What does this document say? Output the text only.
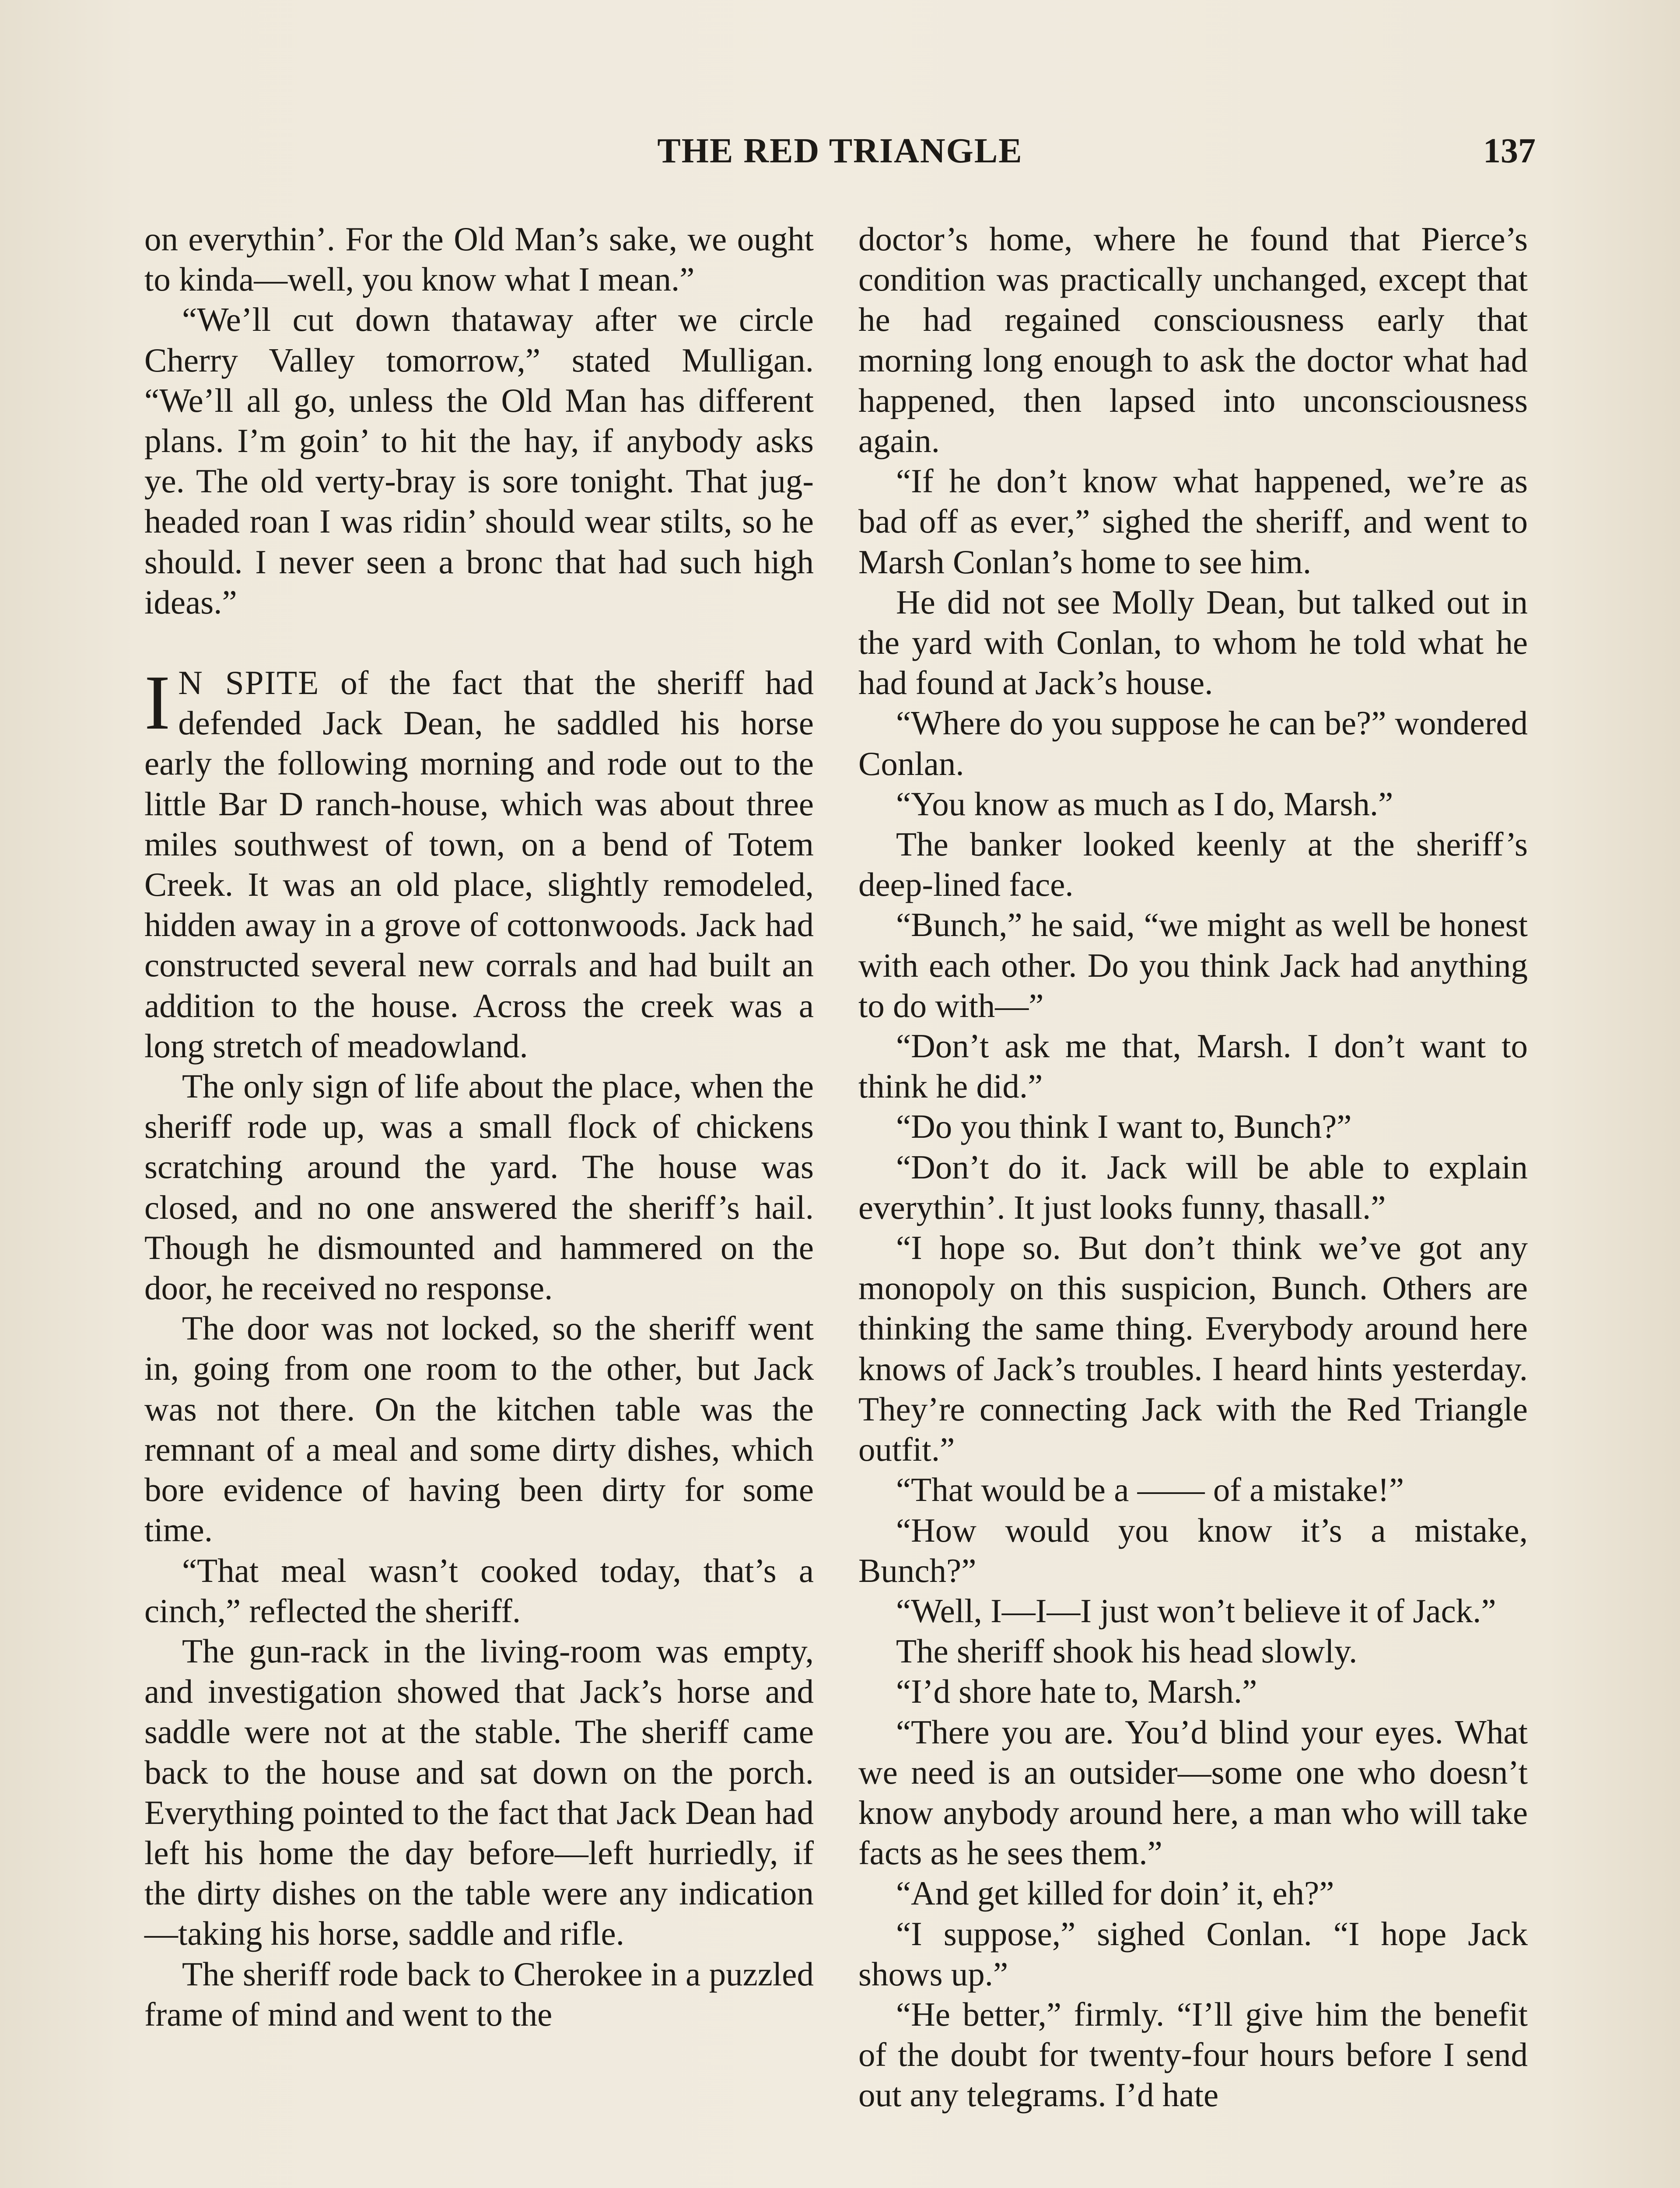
THE RED TRIANGLE	137

on everythin’. For the Old Man’s sake, we ought to kinda—well, you know what I mean.”

“We’ll cut down thataway after we circle Cherry Valley tomorrow,” stated Mulligan. “We’ll all go, unless the Old Man has different plans. I’m goin’ to hit the hay, if anybody asks ye. The old verty-bray is sore tonight. That jug-headed roan I was ridin’ should wear stilts, so he should. I never seen a bronc that had such high ideas.”

I N SPITE of the fact that the sheriff had defended Jack Dean, he saddled his horse early the following morning and rode out to the little Bar D ranch-house, which was about three miles southwest of town, on a bend of Totem Creek. It was an old place, slightly remodeled, hidden away in a grove of cottonwoods. Jack had constructed several new corrals and had built an addition to the house. Across the creek was a long stretch of meadowland.

The only sign of life about the place, when the sheriff rode up, was a small flock of chickens scratching around the yard. The house was closed, and no one answered the sheriff’s hail. Though he dismounted and hammered on the door, he received no response.

The door was not locked, so the sheriff went in, going from one room to the other, but Jack was not there. On the kitchen table was the remnant of a meal and some dirty dishes, which bore evidence of having been dirty for some time.

“That meal wasn’t cooked today, that’s a cinch,” reflected the sheriff.

The gun-rack in the living-room was empty, and investigation showed that Jack’s horse and saddle were not at the stable. The sheriff came back to the house and sat down on the porch. Everything pointed to the fact that Jack Dean had left his home the day before—left hurriedly, if the dirty dishes on the table were any indication—taking his horse, saddle and rifle.

The sheriff rode back to Cherokee in a puzzled frame of mind and went to the

doctor’s home, where he found that Pierce’s condition was practically unchanged, except that he had regained consciousness early that morning long enough to ask the doctor what had happened, then lapsed into unconsciousness again.

“If he don’t know what happened, we’re as bad off as ever,” sighed the sheriff, and went to Marsh Conlan’s home to see him.

He did not see Molly Dean, but talked out in the yard with Conlan, to whom he told what he had found at Jack’s house.

“Where do you suppose he can be?” wondered Conlan.

“You know as much as I do, Marsh.”

The banker looked keenly at the sheriff’s deep-lined face.

“Bunch,” he said, “we might as well be honest with each other. Do you think Jack had anything to do with—”

“Don’t ask me that, Marsh. I don’t want to think he did.”

“Do you think I want to, Bunch?”

“Don’t do it. Jack will be able to explain everythin’. It just looks funny, thasall.”

“I hope so. But don’t think we’ve got any monopoly on this suspicion, Bunch. Others are thinking the same thing. Everybody around here knows of Jack’s troubles. I heard hints yesterday. They’re connecting Jack with the Red Triangle outfit.”

“That would be a —— of a mistake!”

“How would you know it’s a mistake, Bunch?”

“Well, I—I—I just won’t believe it of Jack.”

The sheriff shook his head slowly.

“I’d shore hate to, Marsh.”

“There you are. You’d blind your eyes. What we need is an outsider—some one who doesn’t know anybody around here, a man who will take facts as he sees them.”

“And get killed for doin’ it, eh?”

“I suppose,” sighed Conlan. “I hope Jack shows up.”

“He better,” firmly. “I’ll give him the benefit of the doubt for twenty-four hours before I send out any telegrams. I’d hate
